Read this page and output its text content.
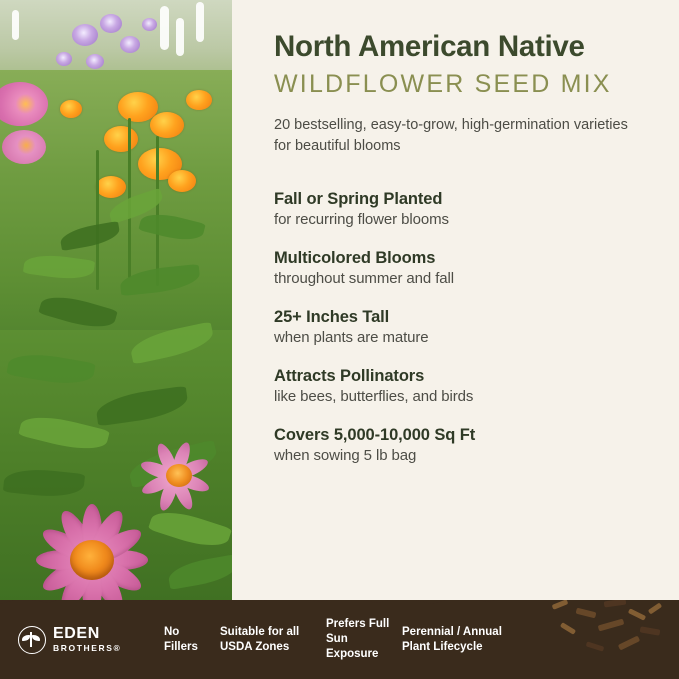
North American Native
WILDFLOWER SEED MIX

20 bestselling, easy-to-grow, high-germination varieties for beautiful blooms

Fall or Spring Planted

for recurring flower blooms

Multicolored Blooms

throughout summer and fall

25+ Inches Tall

when plants are mature

Attracts Pollinators

like bees, butterflies, and birds

Covers 5,000-10,000 Sq Ft

when sowing 5 lb bag

EDEN
BROTHERS®
No
Fillers
Suitable for all
USDA Zones
Prefers Full
Sun Exposure
Perennial / Annual
Plant Lifecycle
